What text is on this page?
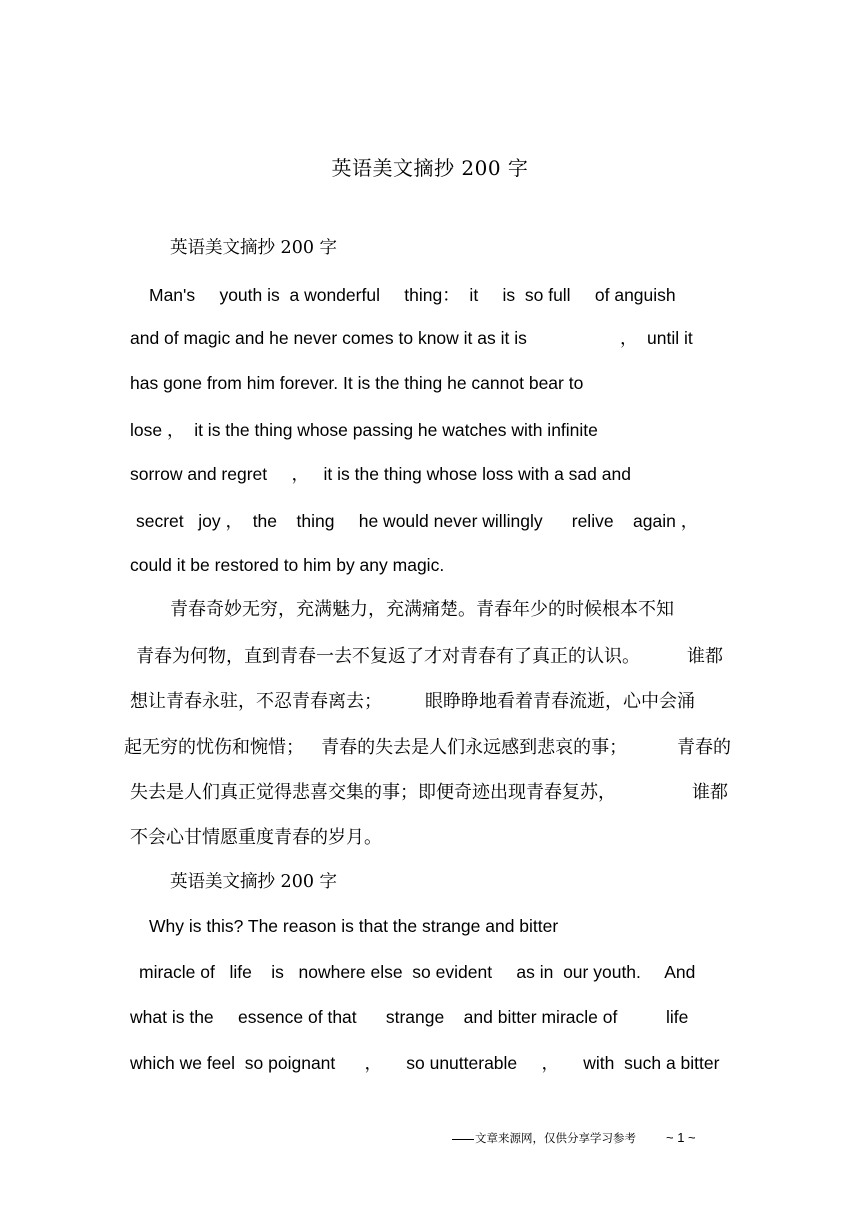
英语美文摘抄 200 字
英语美文摘抄 200 字
Man's     youth is  a wonderful     thing：  it     is  so full     of anguish
and of magic and he never comes to know it as it is	， until it
has gone from him forever. It is the thing he cannot bear to
lose ，  it is the thing whose passing he watches with infinite
sorrow and regret     ，   it is the thing whose loss with a sad and
secret   joy ，  the    thing     he would never willingly      relive    again ，
could it be restored to him by any magic.
青春奇妙无穷，充满魅力，充满痛楚。青春年少的时候根本不知
青春为何物，直到青春一去不复返了才对青春有了真正的认识。	谁都
想让青春永驻，不忍青春离去； 眼睁睁地看着青春流逝，心中会涌
起无穷的忧伤和惋惜；   青春的失去是人们永远感到悲哀的事；	青春的
失去是人们真正觉得悲喜交集的事；即便奇迹出现青春复苏，	谁都
不会心甘情愿重度青春的岁月。
英语美文摘抄 200 字
Why is this? The reason is that the strange and bitter
miracle of   life    is   nowhere else  so evident     as in  our youth.     And
what is the     essence of that      strange    and bitter miracle of          life
which we feel  so poignant      ，     so unutterable     ，     with  such a bitter
文章来源网，仅供分享学习参考 ~ 1 ~
